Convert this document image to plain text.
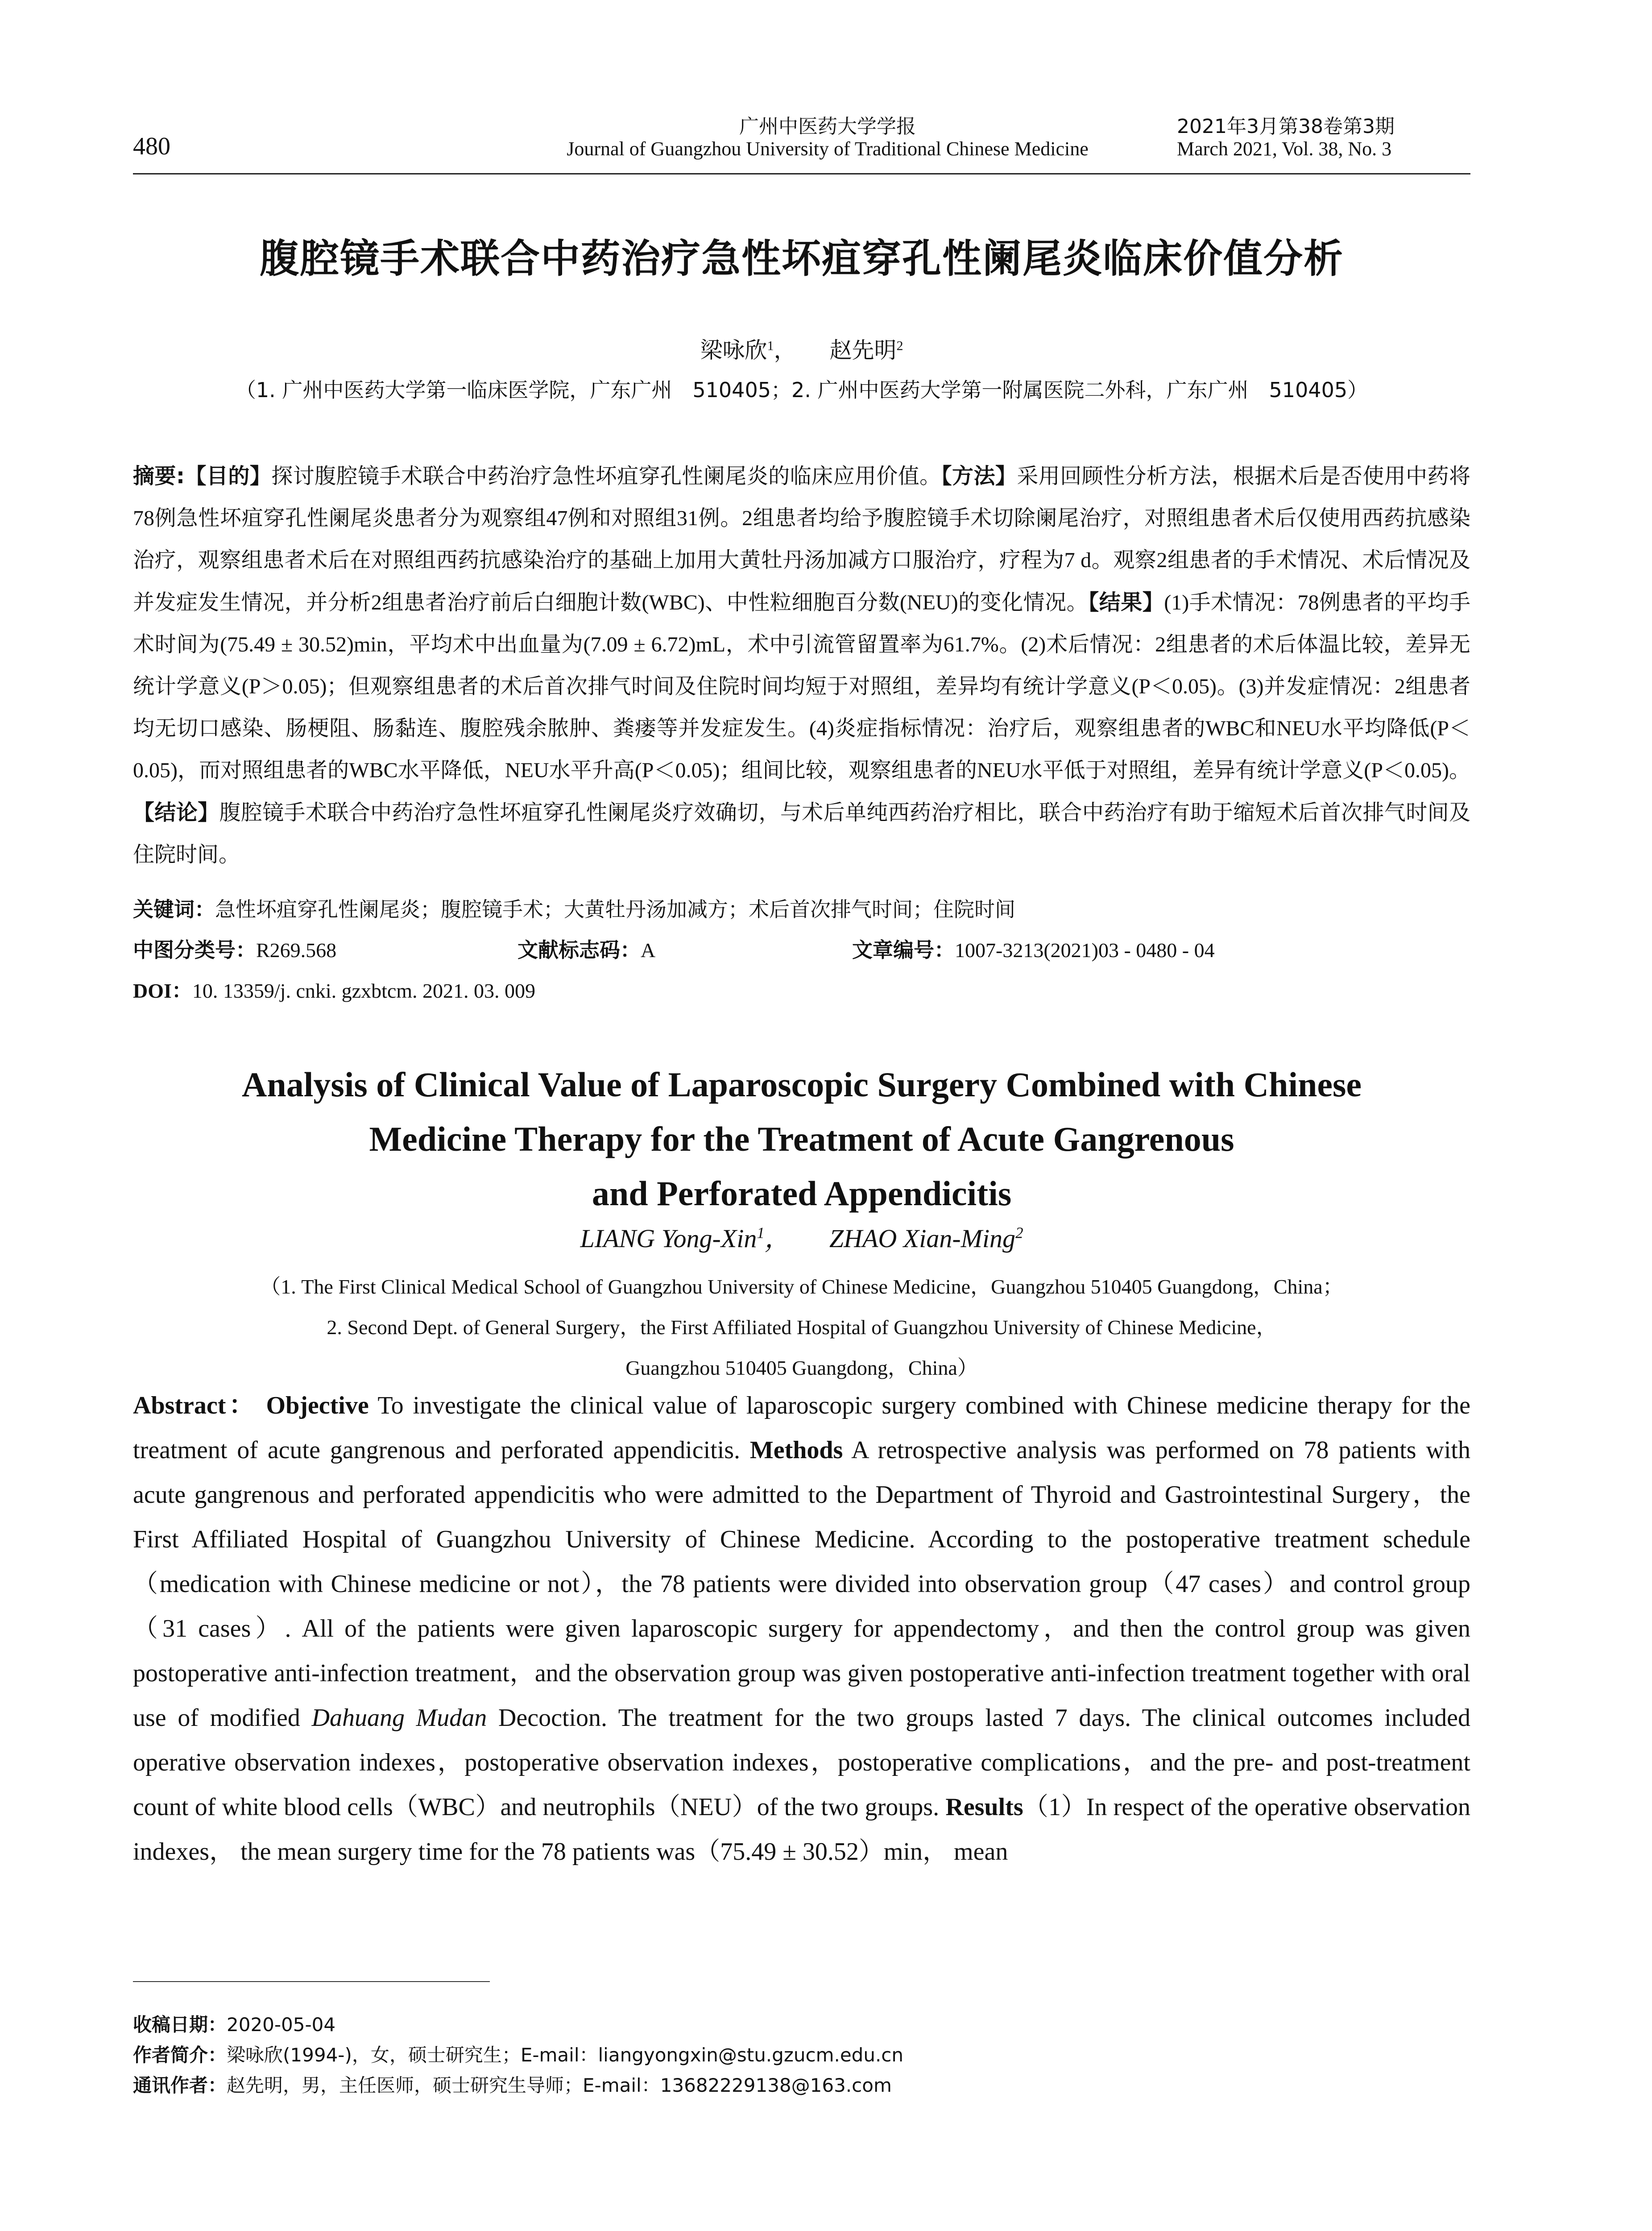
480
广州中医药大学学报
Journal of Guangzhou University of Traditional Chinese Medicine
2021年3月第38卷第3期
March 2021, Vol. 38, No. 3
腹腔镜手术联合中药治疗急性坏疽穿孔性阑尾炎临床价值分析
梁咏欣$^1$， 赵先明$^2$
（1. 广州中医药大学第一临床医学院，广东广州　510405；2. 广州中医药大学第一附属医院二外科，广东广州　510405）
摘要:【目的】探讨腹腔镜手术联合中药治疗急性坏疽穿孔性阑尾炎的临床应用价值。【方法】采用回顾性分析方法，根据术后是否使用中药将78例急性坏疽穿孔性阑尾炎患者分为观察组47例和对照组31例。2组患者均给予腹腔镜手术切除阑尾治疗，对照组患者术后仅使用西药抗感染治疗，观察组患者术后在对照组西药抗感染治疗的基础上加用大黄牡丹汤加减方口服治疗，疗程为7 d。观察2组患者的手术情况、术后情况及并发症发生情况，并分析2组患者治疗前后白细胞计数(WBC)、中性粒细胞百分数(NEU)的变化情况。【结果】(1)手术情况：78例患者的平均手术时间为(75.49 ± 30.52)min，平均术中出血量为(7.09 ± 6.72)mL，术中引流管留置率为61.7%。(2)术后情况：2组患者的术后体温比较，差异无统计学意义(P＞0.05)；但观察组患者的术后首次排气时间及住院时间均短于对照组，差异均有统计学意义(P＜0.05)。(3)并发症情况：2组患者均无切口感染、肠梗阻、肠黏连、腹腔残余脓肿、粪瘘等并发症发生。(4)炎症指标情况：治疗后，观察组患者的WBC和NEU水平均降低(P＜0.05)，而对照组患者的WBC水平降低，NEU水平升高(P＜0.05)；组间比较，观察组患者的NEU水平低于对照组，差异有统计学意义(P＜0.05)。【结论】腹腔镜手术联合中药治疗急性坏疽穿孔性阑尾炎疗效确切，与术后单纯西药治疗相比，联合中药治疗有助于缩短术后首次排气时间及住院时间。
关键词：急性坏疽穿孔性阑尾炎；腹腔镜手术；大黄牡丹汤加减方；术后首次排气时间；住院时间
中图分类号：R269.568	文献标志码：A	文章编号：1007-3213(2021)03 - 0480 - 04
DOI：10. 13359/j. cnki. gzxbtcm. 2021. 03. 009
Analysis of Clinical Value of Laparoscopic Surgery Combined with Chinese
Medicine Therapy for the Treatment of Acute Gangrenous
and Perforated Appendicitis
LIANG Yong-Xin$^1$， ZHAO Xian-Ming$^2$
（1. The First Clinical Medical School of Guangzhou University of Chinese Medicine，Guangzhou 510405 Guangdong，China；
2. Second Dept. of General Surgery，the First Affiliated Hospital of Guangzhou University of Chinese Medicine，
Guangzhou 510405 Guangdong，China）
Abstract： Objective To investigate the clinical value of laparoscopic surgery combined with Chinese medicine therapy for the treatment of acute gangrenous and perforated appendicitis. Methods A retrospective analysis was performed on 78 patients with acute gangrenous and perforated appendicitis who were admitted to the Department of Thyroid and Gastrointestinal Surgery，the First Affiliated Hospital of Guangzhou University of Chinese Medicine. According to the postoperative treatment schedule（medication with Chinese medicine or not），the 78 patients were divided into observation group（47 cases）and control group（31 cases）. All of the patients were given laparoscopic surgery for appendectomy，and then the control group was given postoperative anti-infection treatment，and the observation group was given postoperative anti-infection treatment together with oral use of modified Dahuang Mudan Decoction. The treatment for the two groups lasted 7 days. The clinical outcomes included operative observation indexes，postoperative observation indexes，postoperative complications，and the pre- and post-treatment count of white blood cells（WBC）and neutrophils（NEU）of the two groups. Results（1）In respect of the operative observation indexes， the mean surgery time for the 78 patients was（75.49 ± 30.52）min， mean
收稿日期：2020-05-04
作者简介：梁咏欣(1994-)，女，硕士研究生；E-mail：liangyongxin@stu.gzucm.edu.cn
通讯作者：赵先明，男，主任医师，硕士研究生导师；E-mail：13682229138@163.com
